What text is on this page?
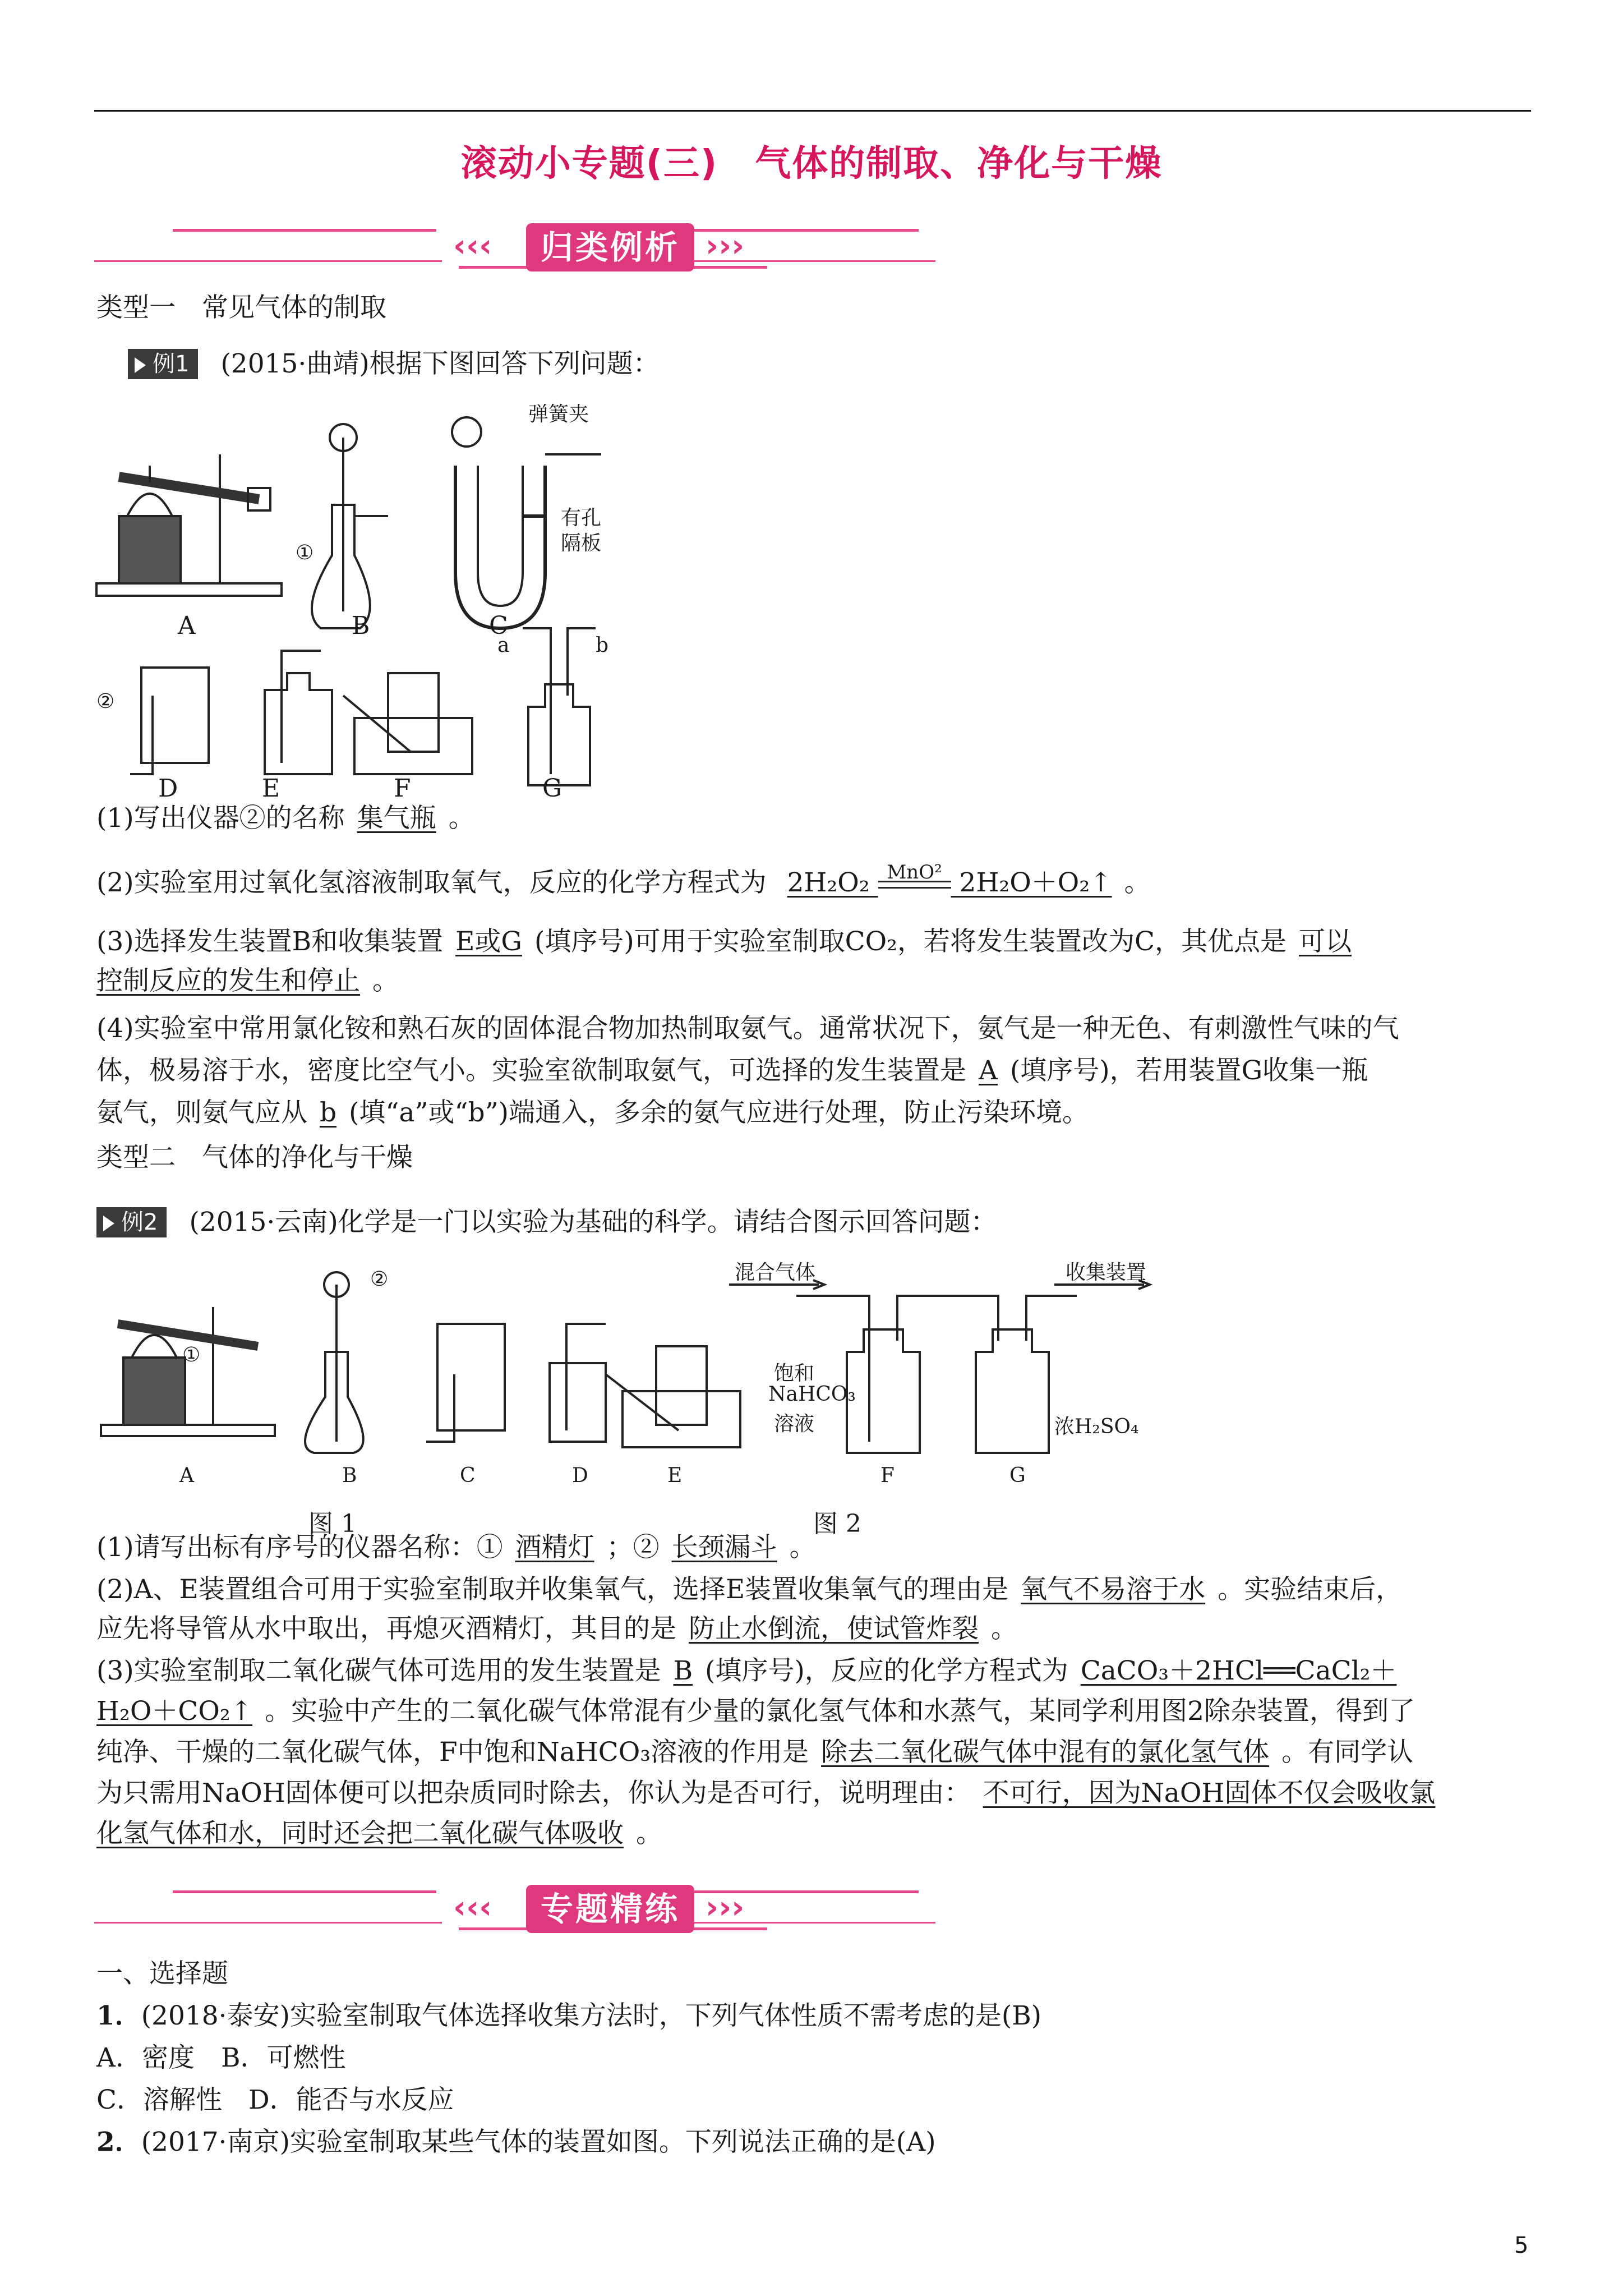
滚动小专题(三)　气体的制取、净化与干燥
‹‹‹	归类例析 ›››
类型一　常见气体的制取
例1 (2015·曲靖)根据下图回答下列问题：
A	B	C
D	E	F	G
弹簧夹
有孔
隔板
①
②
a	b
(1)写出仪器②的名称 集气瓶 。
(2)实验室用过氧化氢溶液制取氧气，反应的化学方程式为 2H₂O₂ MnO² 2H₂O＋O₂↑ 。
(3)选择发生装置B和收集装置 E或G (填序号)可用于实验室制取CO₂，若将发生装置改为C，其优点是 可以
控制反应的发生和停止 。
(4)实验室中常用氯化铵和熟石灰的固体混合物加热制取氨气。通常状况下，氨气是一种无色、有刺激性气味的气
体，极易溶于水，密度比空气小。实验室欲制取氨气，可选择的发生装置是 A (填序号)，若用装置G收集一瓶
氨气，则氨气应从 b (填“a”或“b”)端通入，多余的氨气应进行处理，防止污染环境。
类型二　气体的净化与干燥
例2 (2015·云南)化学是一门以实验为基础的科学。请结合图示回答问题：
A	B	C	D	E	F	G
图 1	图 2
混合气体	收集装置
饱和
NaHCO₃
溶液	浓H₂SO₄
②
①
(1)请写出标有序号的仪器名称：① 酒精灯 ；② 长颈漏斗 。
(2)A、E装置组合可用于实验室制取并收集氧气，选择E装置收集氧气的理由是 氧气不易溶于水 。实验结束后，
应先将导管从水中取出，再熄灭酒精灯，其目的是 防止水倒流，使试管炸裂 。
(3)实验室制取二氧化碳气体可选用的发生装置是 B (填序号)，反应的化学方程式为 CaCO₃＋2HCl══CaCl₂＋
H₂O＋CO₂↑ 。实验中产生的二氧化碳气体常混有少量的氯化氢气体和水蒸气，某同学利用图2除杂装置，得到了
纯净、干燥的二氧化碳气体，F中饱和NaHCO₃溶液的作用是 除去二氧化碳气体中混有的氯化氢气体 。有同学认
为只需用NaOH固体便可以把杂质同时除去，你认为是否可行，说明理由： 不可行，因为NaOH固体不仅会吸收氯
化氢气体和水，同时还会把二氧化碳气体吸收 。
‹‹‹	专题精练 ›››
一、选择题
1．(2018·泰安)实验室制取气体选择收集方法时，下列气体性质不需考虑的是(B)
A．密度　B．可燃性
C．溶解性　D．能否与水反应
2．(2017·南京)实验室制取某些气体的装置如图。下列说法正确的是(A)
5
